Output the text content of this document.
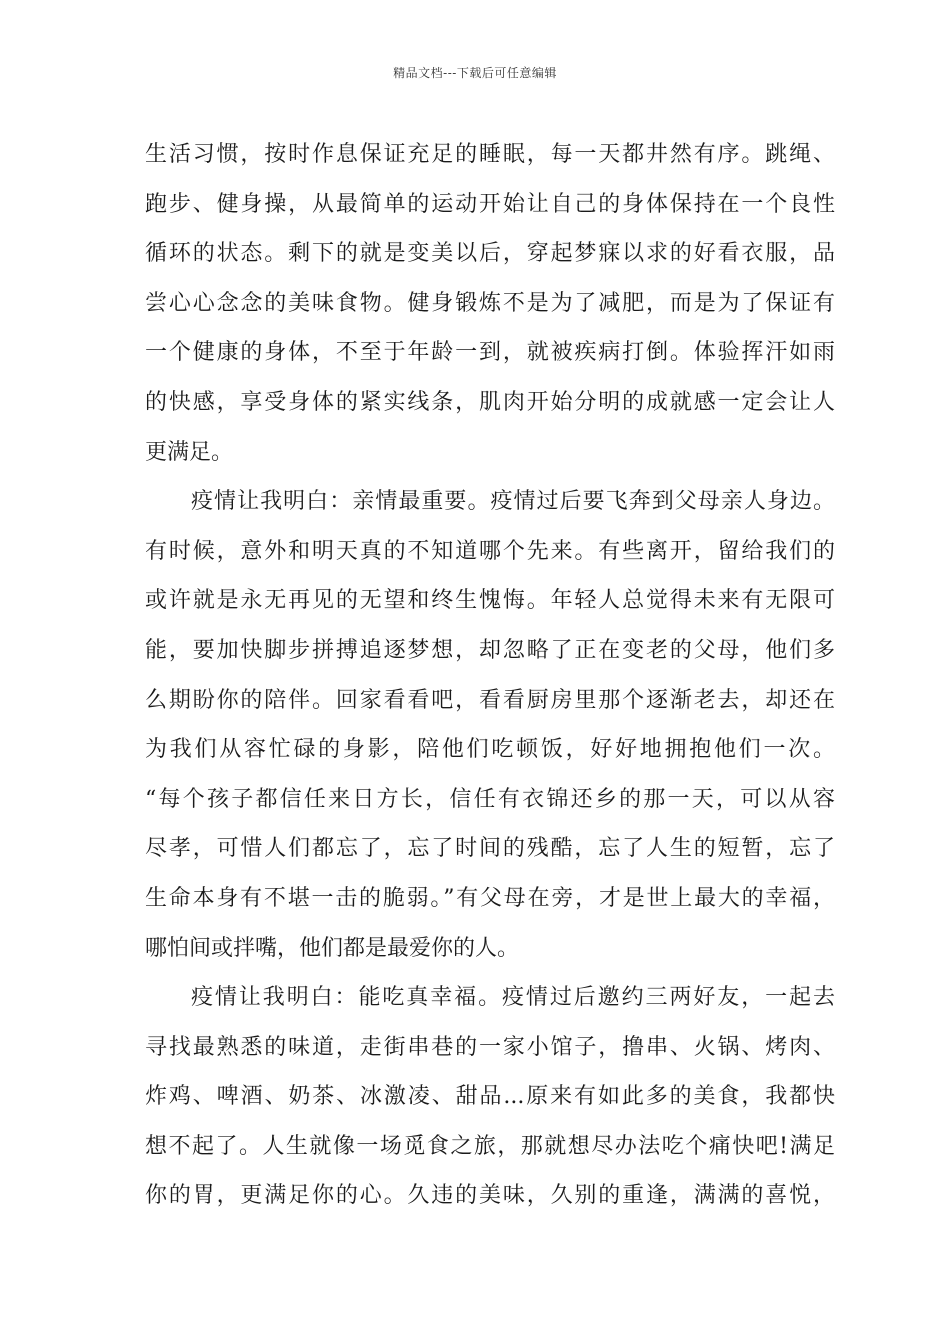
精品文档---下载后可任意编辑
生活习惯，按时作息保证充足的睡眠，每一天都井然有序。跳绳、
跑步、健身操，从最简单的运动开始让自己的身体保持在一个良性
循环的状态。剩下的就是变美以后，穿起梦寐以求的好看衣服，品
尝心心念念的美味食物。健身锻炼不是为了减肥，而是为了保证有
一个健康的身体，不至于年龄一到，就被疾病打倒。体验挥汗如雨
的快感，享受身体的紧实线条，肌肉开始分明的成就感一定会让人
更满足。
疫情让我明白：亲情最重要。疫情过后要飞奔到父母亲人身边。
有时候，意外和明天真的不知道哪个先来。有些离开，留给我们的
或许就是永无再见的无望和终生愧悔。年轻人总觉得未来有无限可
能，要加快脚步拼搏追逐梦想，却忽略了正在变老的父母，他们多
么期盼你的陪伴。回家看看吧，看看厨房里那个逐渐老去，却还在
为我们从容忙碌的身影，陪他们吃顿饭，好好地拥抱他们一次。
“每个孩子都信任来日方长，信任有衣锦还乡的那一天，可以从容
尽孝，可惜人们都忘了，忘了时间的残酷，忘了人生的短暂，忘了
生命本身有不堪一击的脆弱。”有父母在旁，才是世上最大的幸福，
哪怕间或拌嘴，他们都是最爱你的人。
疫情让我明白：能吃真幸福。疫情过后邀约三两好友，一起去
寻找最熟悉的味道，走街串巷的一家小馆子，撸串、火锅、烤肉、
炸鸡、啤酒、奶茶、冰激凌、甜品...原来有如此多的美食，我都快
想不起了。人生就像一场觅食之旅，那就想尽办法吃个痛快吧!满足
你的胃，更满足你的心。久违的美味，久别的重逢，满满的喜悦，
